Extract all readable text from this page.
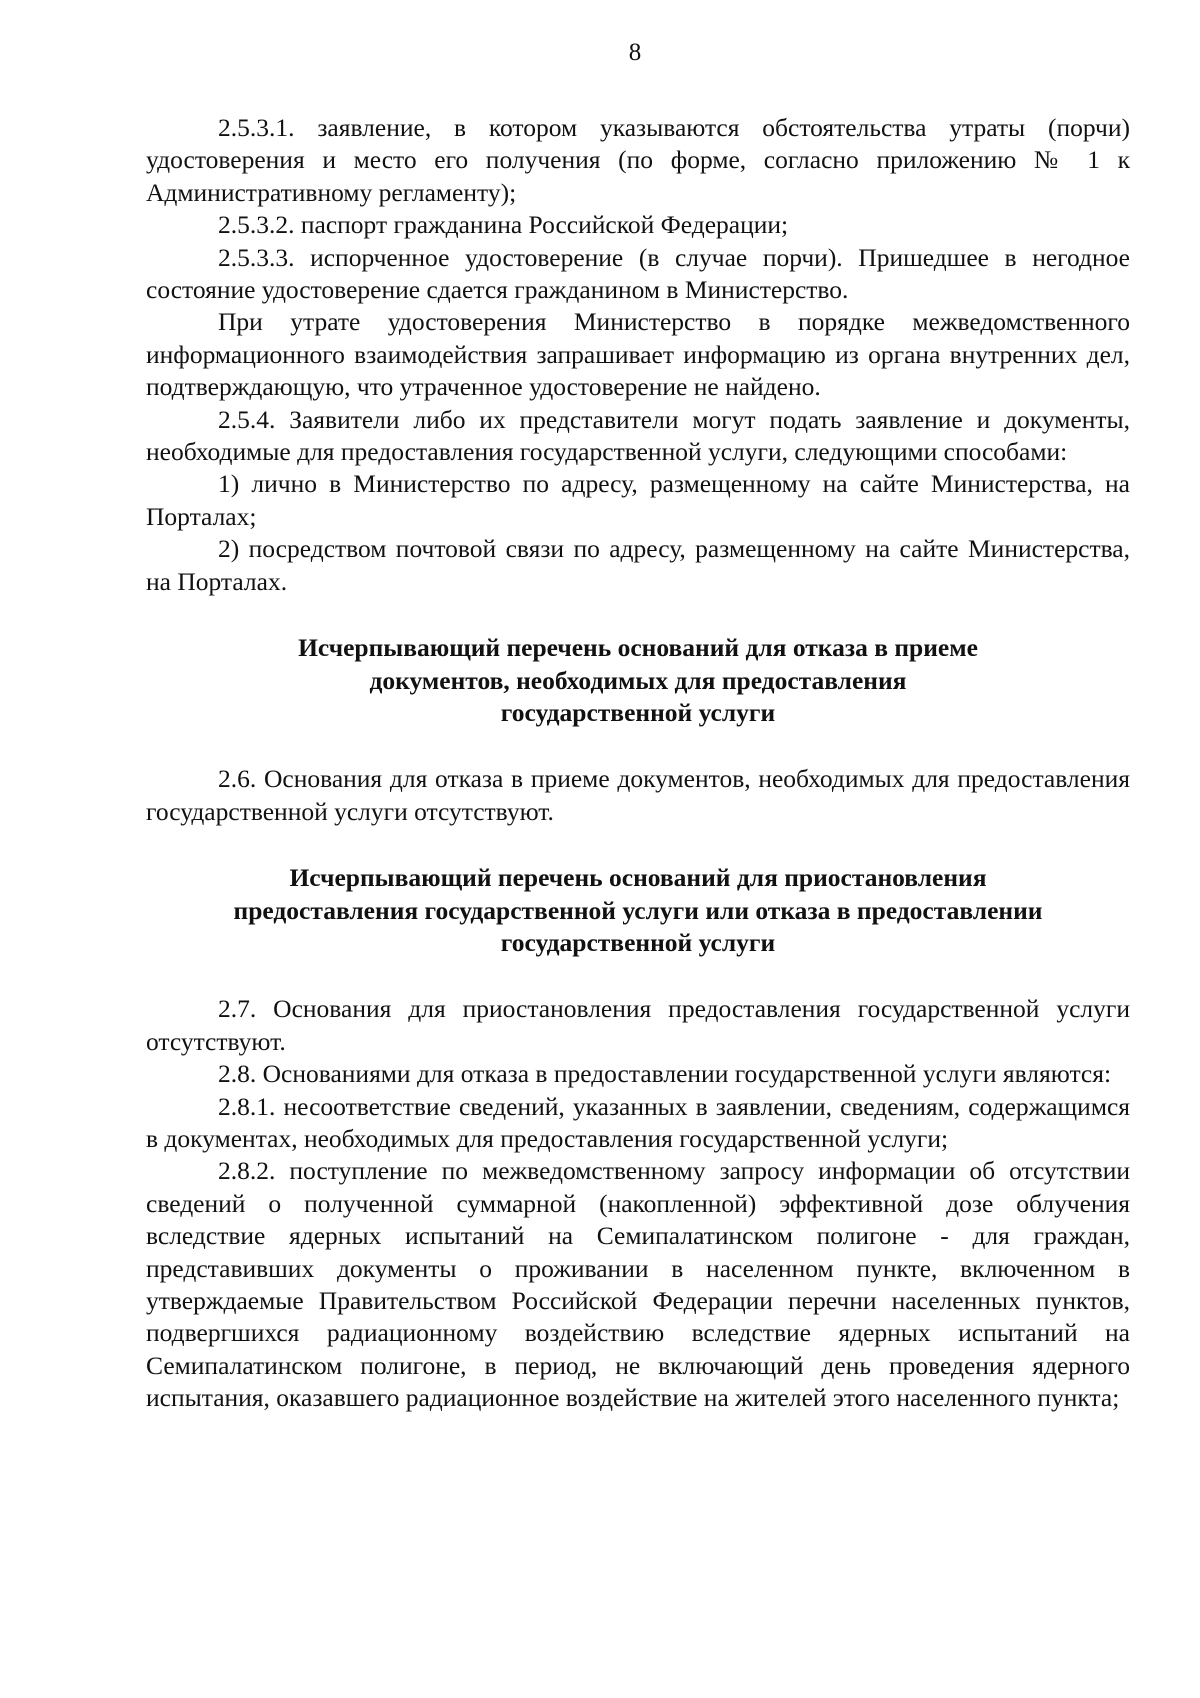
8

2.5.3.1. заявление, в котором указываются обстоятельства утраты (порчи) удостоверения и место его получения (по форме, согласно приложению № 1 к Административному регламенту);

2.5.3.2. паспорт гражданина Российской Федерации;

2.5.3.3. испорченное удостоверение (в случае порчи). Пришедшее в негодное состояние удостоверение сдается гражданином в Министерство.

При утрате удостоверения Министерство в порядке межведомственного информационного взаимодействия запрашивает информацию из органа внутренних дел, подтверждающую, что утраченное удостоверение не найдено.

2.5.4. Заявители либо их представители могут подать заявление и документы, необходимые для предоставления государственной услуги, следующими способами:

1) лично в Министерство по адресу, размещенному на сайте Министерства, на Порталах;

2) посредством почтовой связи по адресу, размещенному на сайте Министерства, на Порталах.

Исчерпывающий перечень оснований для отказа в приеме
документов, необходимых для предоставления
государственной услуги

2.6. Основания для отказа в приеме документов, необходимых для предоставления государственной услуги отсутствуют.

Исчерпывающий перечень оснований для приостановления
предоставления государственной услуги или отказа в предоставлении
государственной услуги

2.7. Основания для приостановления предоставления государственной услуги отсутствуют.

2.8. Основаниями для отказа в предоставлении государственной услуги являются:

2.8.1. несоответствие сведений, указанных в заявлении, сведениям, содержащимся в документах, необходимых для предоставления государственной услуги;

2.8.2. поступление по межведомственному запросу информации об отсутствии сведений о полученной суммарной (накопленной) эффективной дозе облучения вследствие ядерных испытаний на Семипалатинском полигоне - для граждан, представивших документы о проживании в населенном пункте, включенном в утверждаемые Правительством Российской Федерации перечни населенных пунктов, подвергшихся радиационному воздействию вследствие ядерных испытаний на Семипалатинском полигоне, в период, не включающий день проведения ядерного испытания, оказавшего радиационное воздействие на жителей этого населенного пункта;
